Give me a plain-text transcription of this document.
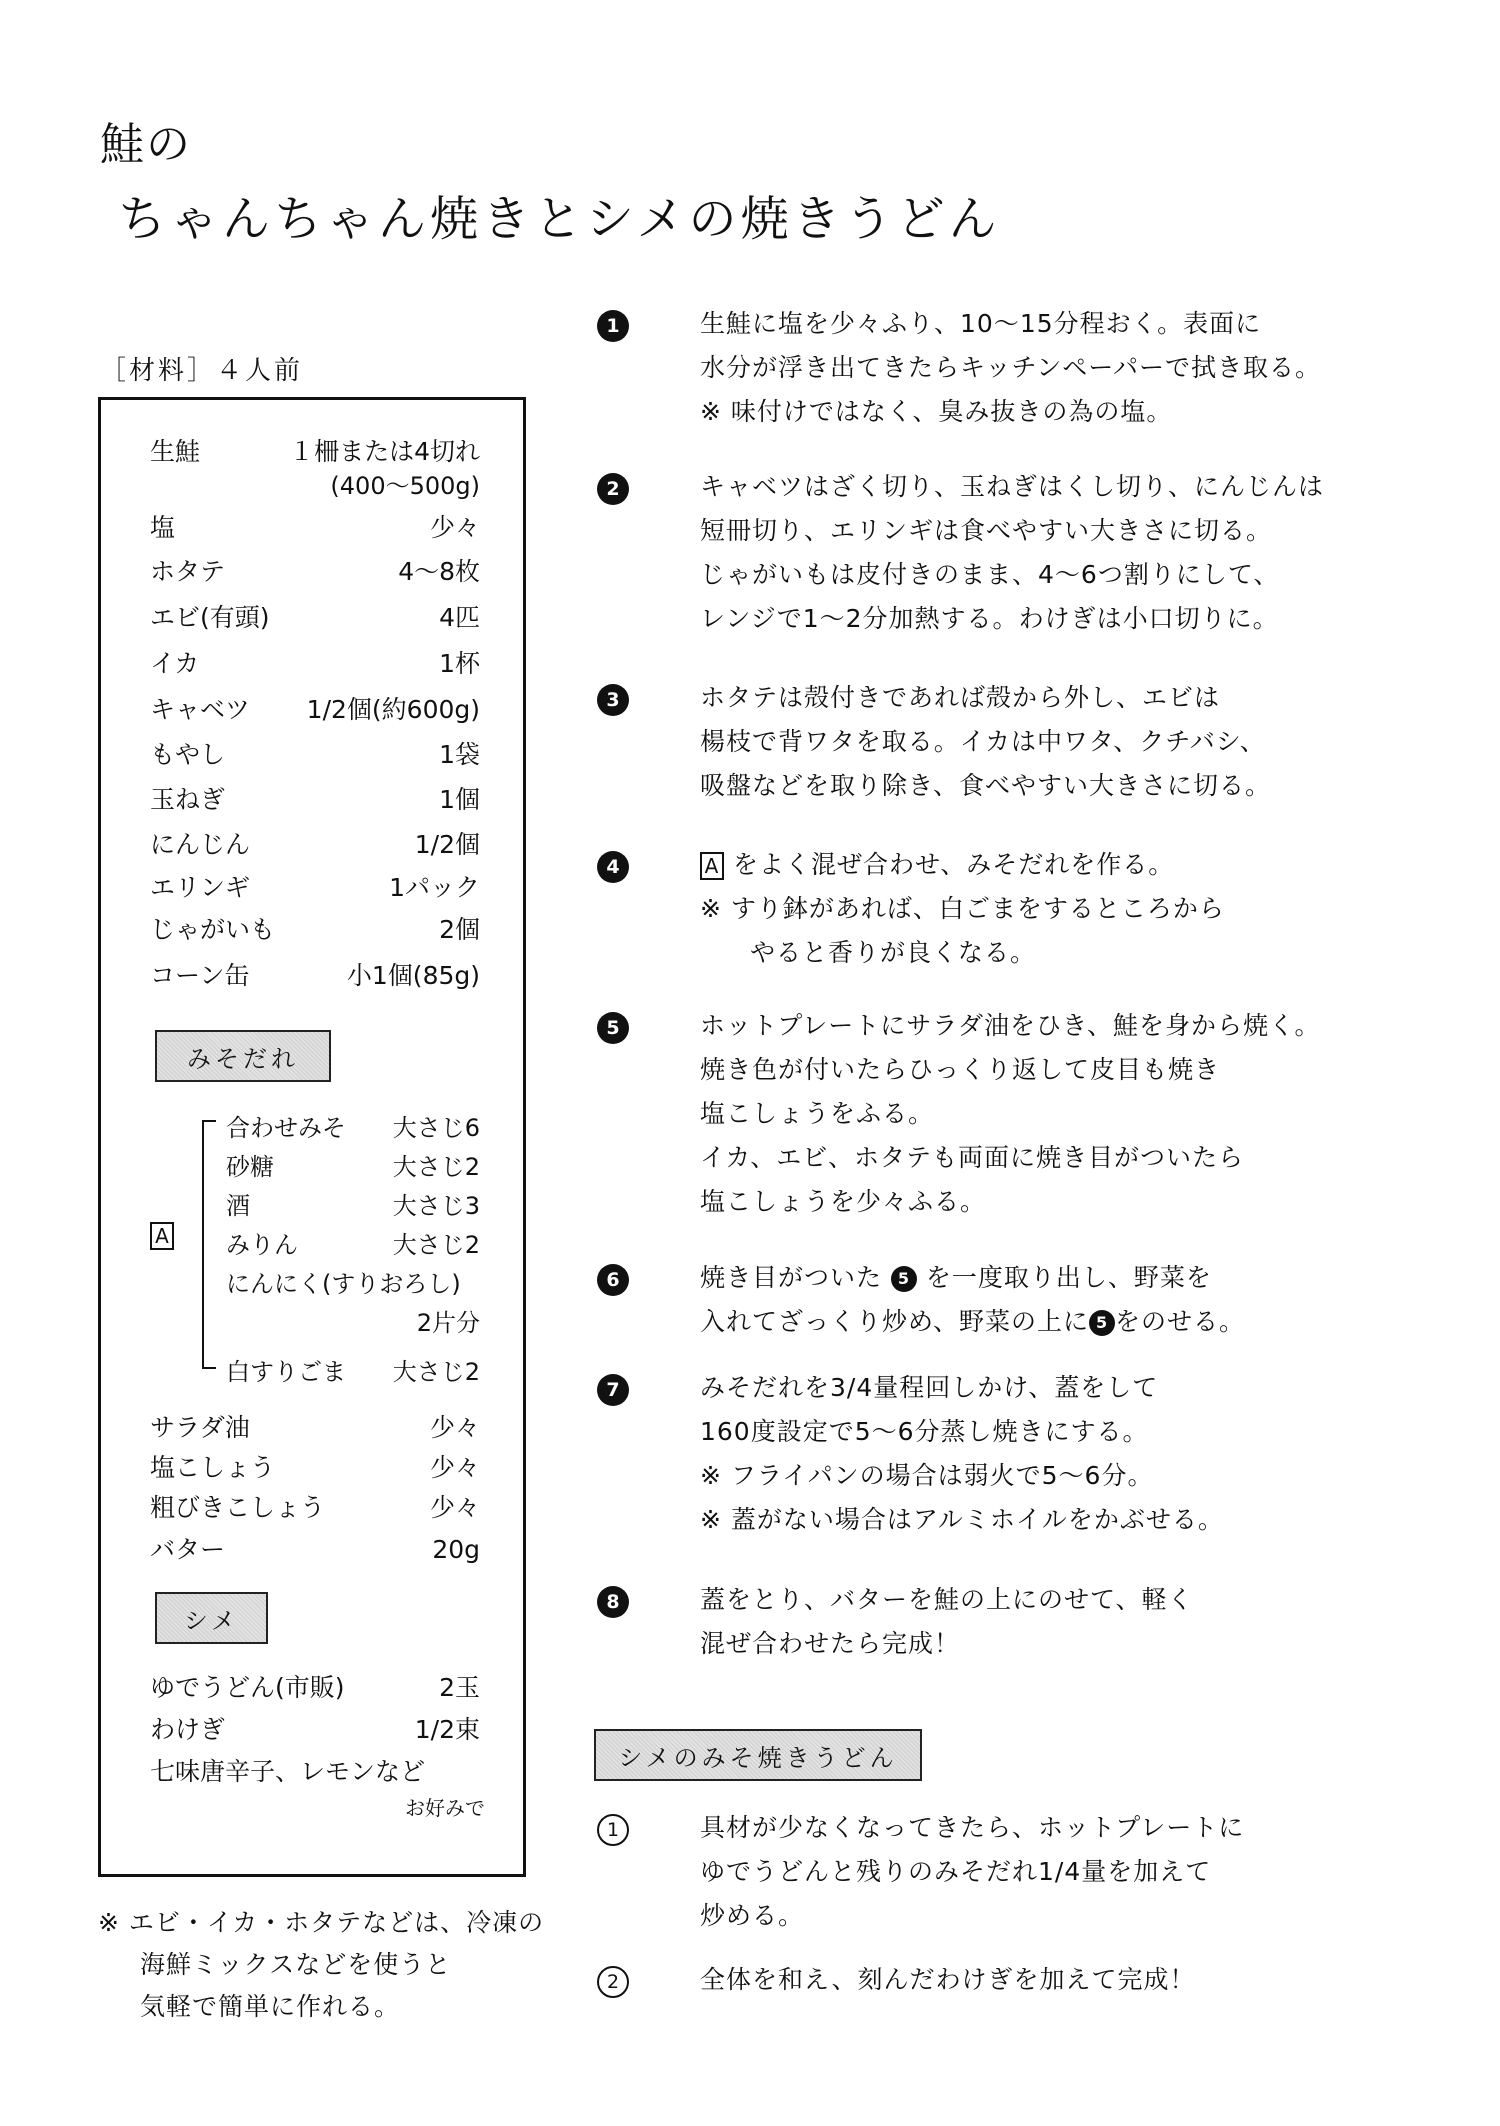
鮭の
ちゃんちゃん焼きとシメの焼きうどん
［材料］４人前
生鮭	１柵または4切れ
(400～500g)
塩	少々
ホタテ	4～8枚
エビ(有頭)	4匹
イカ	1杯
キャベツ 1/2個(約600g)
もやし	1袋
玉ねぎ	1個
にんじん	1/2個
エリンギ	1パック
じゃがいも	2個
コーン缶	小1個(85g)
みそだれ
A
合わせみそ 大さじ6
砂糖	大さじ2
酒	大さじ3
みりん	大さじ2
にんにく(すりおろし)
2片分
白すりごま 大さじ2
サラダ油	少々
塩こしょう	少々
粗びきこしょう	少々
バター	20g
シメ
ゆでうどん(市販)	2玉
わけぎ	1/2束
七味唐辛子、レモンなど
お好みで
※ エビ・イカ・ホタテなどは、冷凍の
海鮮ミックスなどを使うと
気軽で簡単に作れる。
1	生鮭に塩を少々ふり、10～15分程おく。表面に
水分が浮き出てきたらキッチンペーパーで拭き取る。
※ 味付けではなく、臭み抜きの為の塩。
2	キャベツはざく切り、玉ねぎはくし切り、にんじんは
短冊切り、エリンギは食べやすい大きさに切る。
じゃがいもは皮付きのまま、4～6つ割りにして、
レンジで1～2分加熱する。わけぎは小口切りに。
3	ホタテは殻付きであれば殻から外し、エビは
楊枝で背ワタを取る。イカは中ワタ、クチバシ、
吸盤などを取り除き、食べやすい大きさに切る。
4	A をよく混ぜ合わせ、みそだれを作る。
※ すり鉢があれば、白ごまをするところから
やると香りが良くなる。
5	ホットプレートにサラダ油をひき、鮭を身から焼く。
焼き色が付いたらひっくり返して皮目も焼き
塩こしょうをふる。
イカ、エビ、ホタテも両面に焼き目がついたら
塩こしょうを少々ふる。
6	焼き目がついた 5 を一度取り出し、野菜を
入れてざっくり炒め、野菜の上に 5 をのせる。
7	みそだれを3/4量程回しかけ、蓋をして
160度設定で5～6分蒸し焼きにする。
※ フライパンの場合は弱火で5～6分。
※ 蓋がない場合はアルミホイルをかぶせる。
8	蓋をとり、バターを鮭の上にのせて、軽く
混ぜ合わせたら完成！
シメのみそ焼きうどん
1	具材が少なくなってきたら、ホットプレートに
ゆでうどんと残りのみそだれ1/4量を加えて
炒める。
2	全体を和え、刻んだわけぎを加えて完成！
